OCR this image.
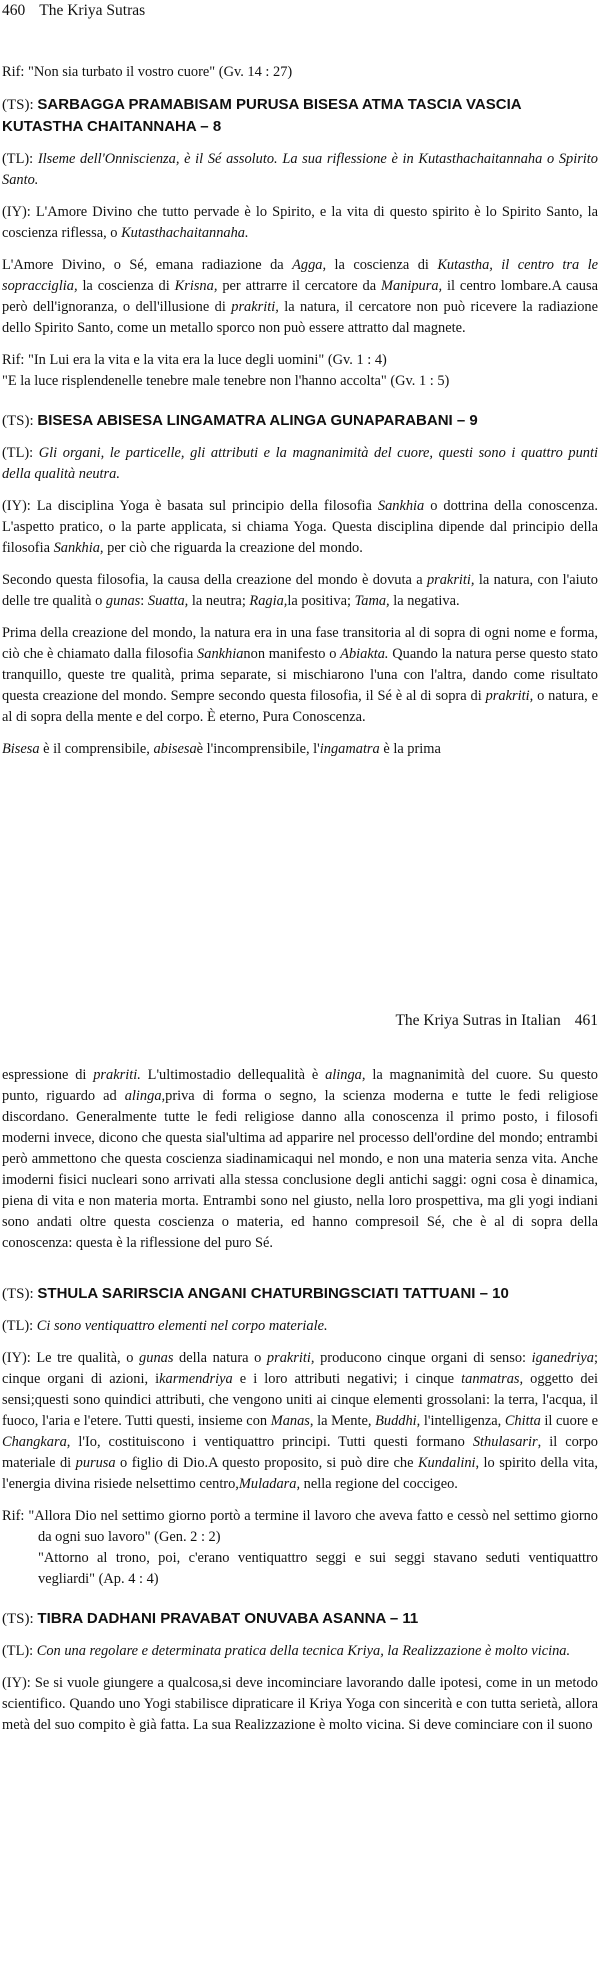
460 The Kriya Sutras

Rif: "Non sia turbato il vostro cuore" (Gv. 14 : 27)

(TS): SARBAGGA PRAMABISAM PURUSA BISESA ATMA TASCIA VASCIA KUTASTHA CHAITANNAHA – 8

(TL): Ilseme dell'Onniscienza, è il Sé assoluto. La sua riflessione è in Kutasthachaitannaha o Spirito Santo.

(IY): L'Amore Divino che tutto pervade è lo Spirito, e la vita di questo spirito è lo Spirito Santo, la coscienza riflessa, o Kutasthachaitannaha.

L'Amore Divino, o Sé, emana radiazione da Agga, la coscienza di Kutastha, il centro tra le sopracciglia, la coscienza di Krisna, per attrarre il cercatore da Manipura, il centro lombare.A causa però dell'ignoranza, o dell'illusione di prakriti, la natura, il cercatore non può ricevere la radiazione dello Spirito Santo, come un metallo sporco non può essere attratto dal magnete.

Rif: "In Lui era la vita e la vita era la luce degli uomini" (Gv. 1 : 4)

"E la luce risplendenelle tenebre male tenebre non l'hanno accolta" (Gv. 1 : 5)

(TS): BISESA ABISESA LINGAMATRA ALINGA GUNAPARABANI – 9

(TL): Gli organi, le particelle, gli attributi e la magnanimità del cuore, questi sono i quattro punti della qualità neutra.

(IY): La disciplina Yoga è basata sul principio della filosofia Sankhia o dottrina della conoscenza. L'aspetto pratico, o la parte applicata, si chiama Yoga. Questa disciplina dipende dal principio della filosofia Sankhia, per ciò che riguarda la creazione del mondo.

Secondo questa filosofia, la causa della creazione del mondo è dovuta a prakriti, la natura, con l'aiuto delle tre qualità o gunas: Suatta, la neutra; Ragia,la positiva; Tama, la negativa.

Prima della creazione del mondo, la natura era in una fase transitoria al di sopra di ogni nome e forma, ciò che è chiamato dalla filosofia Sankhianon manifesto o Abiakta. Quando la natura perse questo stato tranquillo, queste tre qualità, prima separate, si mischiarono l'una con l'altra, dando come risultato questa creazione del mondo. Sempre secondo questa filosofia, il Sé è al di sopra di prakriti, o natura, e al di sopra della mente e del corpo. È eterno, Pura Conoscenza.

Bisesa è il comprensibile, abisesaè l'incomprensibile, l'ingamatra è la prima

The Kriya Sutras in Italian 461

espressione di prakriti. L'ultimostadio dellequalità è alinga, la magnanimità del cuore. Su questo punto, riguardo ad alinga,priva di forma o segno, la scienza moderna e tutte le fedi religiose discordano. Generalmente tutte le fedi religiose danno alla conoscenza il primo posto, i filosofi moderni invece, dicono che questa sial'ultima ad apparire nel processo dell'ordine del mondo; entrambi però ammettono che questa coscienza siadinamicaqui nel mondo, e non una materia senza vita. Anche imoderni fisici nucleari sono arrivati alla stessa conclusione degli antichi saggi: ogni cosa è dinamica, piena di vita e non materia morta. Entrambi sono nel giusto, nella loro prospettiva, ma gli yogi indiani sono andati oltre questa coscienza o materia, ed hanno compresoil Sé, che è al di sopra della conoscenza: questa è la riflessione del puro Sé.

(TS): STHULA SARIRSCIA ANGANI CHATURBINGSCIATI TATTUANI – 10

(TL): Ci sono ventiquattro elementi nel corpo materiale.

(IY): Le tre qualità, o gunas della natura o prakriti, producono cinque organi di senso: iganedriya; cinque organi di azioni, ikarmendriya e i loro attributi negativi; i cinque tanmatras, oggetto dei sensi;questi sono quindici attributi, che vengono uniti ai cinque elementi grossolani: la terra, l'acqua, il fuoco, l'aria e l'etere. Tutti questi, insieme con Manas, la Mente, Buddhi, l'intelligenza, Chitta il cuore e Changkara, l'Io, costituiscono i ventiquattro principi. Tutti questi formano Sthulasarir, il corpo materiale di purusa o figlio di Dio.A questo proposito, si può dire che Kundalini, lo spirito della vita, l'energia divina risiede nelsettimo centro,Muladara, nella regione del coccigeo.

Rif: "Allora Dio nel settimo giorno portò a termine il lavoro che aveva fatto e cessò nel settimo giorno da ogni suo lavoro" (Gen. 2 : 2)

"Attorno al trono, poi, c'erano ventiquattro seggi e sui seggi stavano seduti ventiquattro vegliardi" (Ap. 4 : 4)

(TS): TIBRA DADHANI PRAVABAT ONUVABA ASANNA – 11

(TL): Con una regolare e determinata pratica della tecnica Kriya, la Realizzazione è molto vicina.

(IY): Se si vuole giungere a qualcosa,si deve incominciare lavorando dalle ipotesi, come in un metodo scientifico. Quando uno Yogi stabilisce dipraticare il Kriya Yoga con sincerità e con tutta serietà, allora metà del suo compito è già fatta. La sua Realizzazione è molto vicina. Si deve cominciare con il suono
